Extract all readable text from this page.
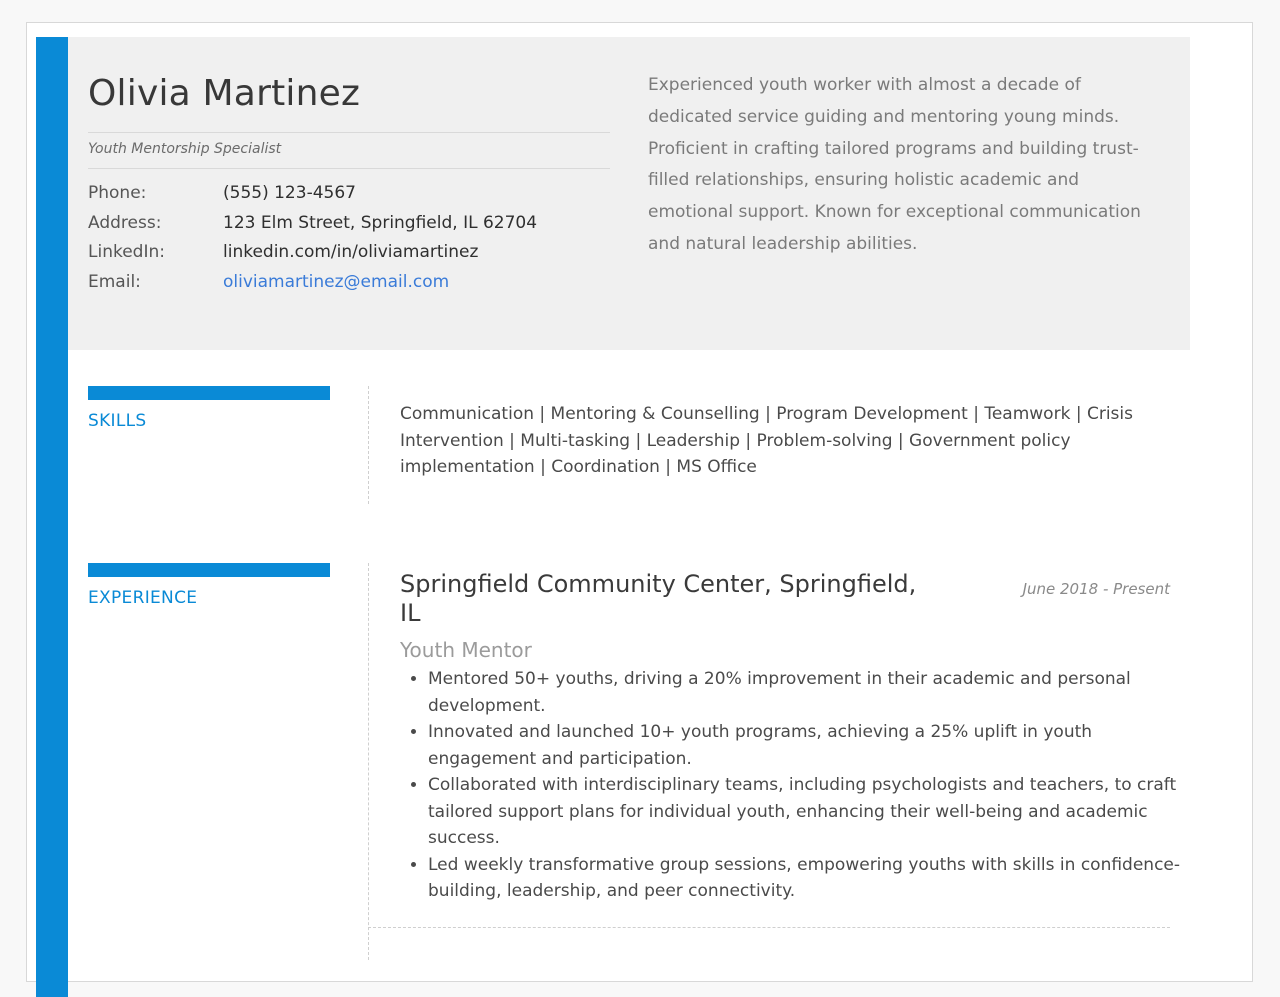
Olivia Martinez
Youth Mentorship Specialist
Phone:	(555) 123-4567
Address:	123 Elm Street, Springfield, IL 62704
LinkedIn:	linkedin.com/in/oliviamartinez
Email:	oliviamartinez@email.com
Experienced youth worker with almost a decade of dedicated service guiding and mentoring young minds. Proficient in crafting tailored programs and building trust-filled relationships, ensuring holistic academic and emotional support. Known for exceptional communication and natural leadership abilities.
SKILLS	Communication | Mentoring & Counselling | Program Development | Teamwork | Crisis Intervention | Multi-tasking | Leadership | Problem-solving | Government policy implementation | Coordination | MS Office
EXPERIENCE	Springfield Community Center, Springfield, IL
June 2018 - Present
Youth Mentor
• Mentored 50+ youths, driving a 20% improvement in their academic and personal development.
• Innovated and launched 10+ youth programs, achieving a 25% uplift in youth engagement and participation.
• Collaborated with interdisciplinary teams, including psychologists and teachers, to craft tailored support plans for individual youth, enhancing their well-being and academic success.
• Led weekly transformative group sessions, empowering youths with skills in confidence-building, leadership, and peer connectivity.
